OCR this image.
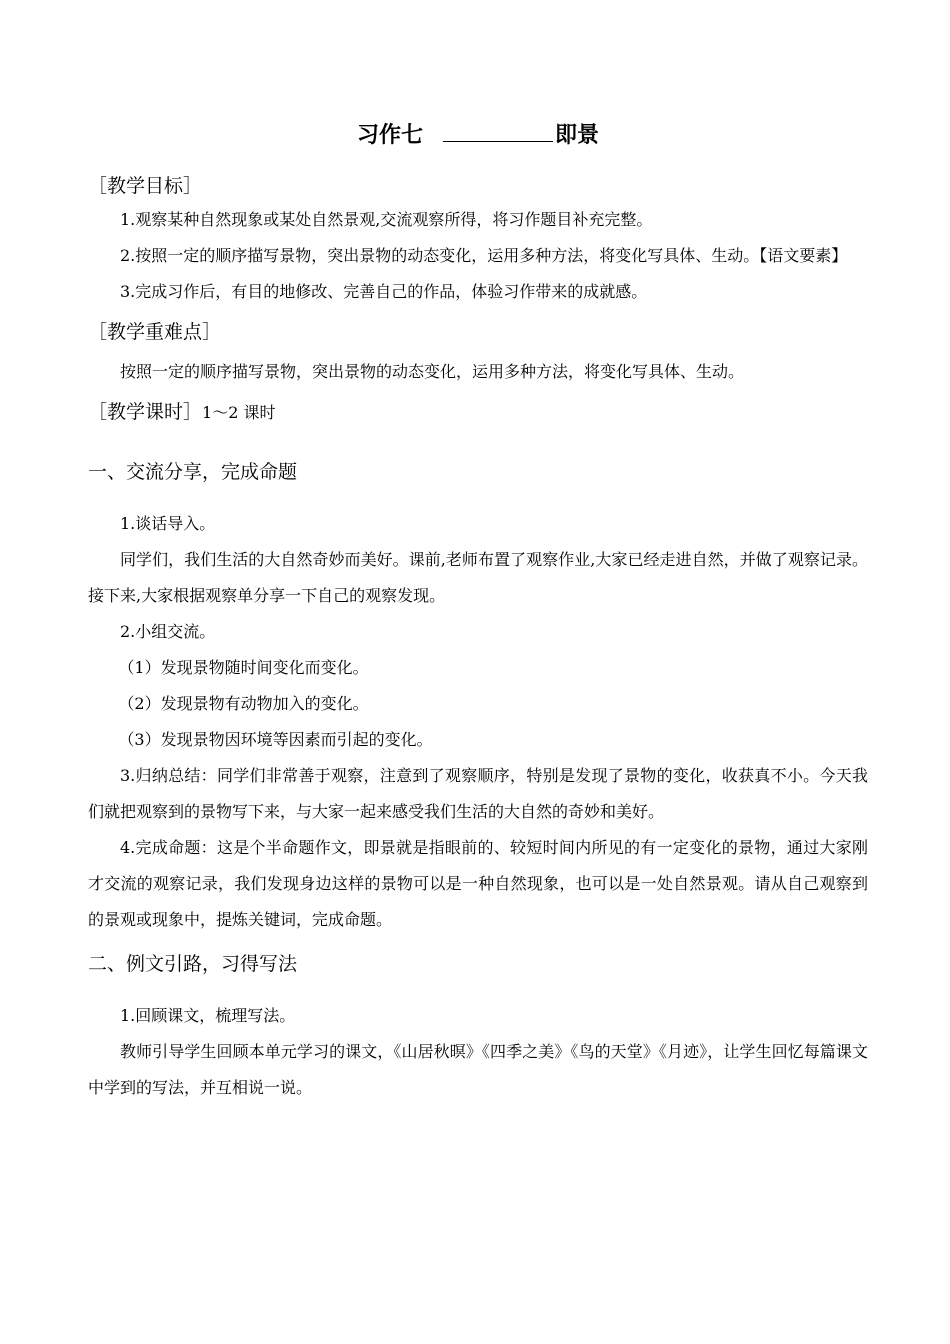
习作七	即景
［教学目标］

1.观察某种自然现象或某处自然景观,交流观察所得，将习作题目补充完整。

2.按照一定的顺序描写景物，突出景物的动态变化，运用多种方法，将变化写具体、生动。【语文要素】

3.完成习作后，有目的地修改、完善自己的作品，体验习作带来的成就感。

［教学重难点］

按照一定的顺序描写景物，突出景物的动态变化，运用多种方法，将变化写具体、生动。

［教学课时］1～2 课时
一、交流分享，完成命题

1.谈话导入。

同学们，我们生活的大自然奇妙而美好。课前,老师布置了观察作业,大家已经走进自然，并做了观察记录。 接下来,大家根据观察单分享一下自己的观察发现。

2.小组交流。

（1）发现景物随时间变化而变化。

（2）发现景物有动物加入的变化。

（3）发现景物因环境等因素而引起的变化。

3.归纳总结：同学们非常善于观察，注意到了观察顺序，特别是发现了景物的变化，收获真不小。今天我们就把观察到的景物写下来，与大家一起来感受我们生活的大自然的奇妙和美好。

4.完成命题：这是个半命题作文，即景就是指眼前的、较短时间内所见的有一定变化的景物，通过大家刚才交流的观察记录，我们发现身边这样的景物可以是一种自然现象，也可以是一处自然景观。请从自己观察到的景观或现象中，提炼关键词，完成命题。

二、例文引路，习得写法

1.回顾课文，梳理写法。

教师引导学生回顾本单元学习的课文，《山居秋暝》《四季之美》《鸟的天堂》《月迹》，让学生回忆每篇课文中学到的写法，并互相说一说。
